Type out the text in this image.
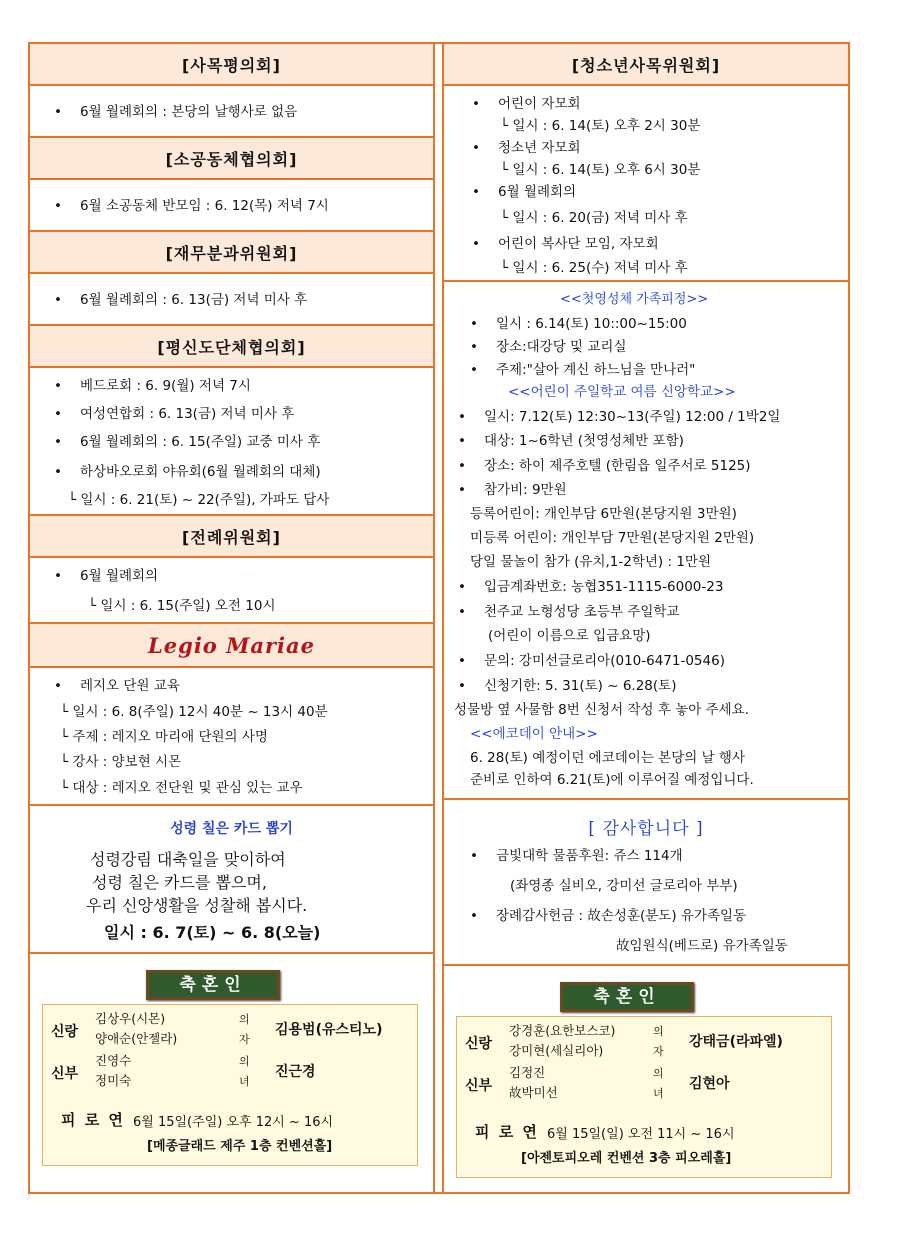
[사목평의회]
• 6월 월례회의 : 본당의 날행사로 없음
[소공동체협의회]
• 6월 소공동체 반모임 : 6. 12(목) 저녁 7시
[재무분과위원회]
• 6월 월례회의 : 6. 13(금) 저녁 미사 후
[평신도단체협의회]
• 베드로회 : 6. 9(월) 저녁 7시
• 여성연합회 : 6. 13(금) 저녁 미사 후
• 6월 월례회의 : 6. 15(주일) 교중 미사 후
• 하상바오로회 야유회(6월 월례회의 대체)
└ 일시 : 6. 21(토) ~ 22(주일), 가파도 답사
[전례위원회]
• 6월 월례회의
└ 일시 : 6. 15(주일) 오전 10시
Legio Mariae
• 레지오 단원 교육
└ 일시 : 6. 8(주일) 12시 40분 ~ 13시 40분
└ 주제 : 레지오 마리애 단원의 사명
└ 강사 : 양보현 시몬
└ 대상 : 레지오 전단원 및 관심 있는 교우
성령 칠은 카드 뽑기
성령강림 대축일을 맞이하여
성령 칠은 카드를 뽑으며,
우리 신앙생활을 성찰해 봅시다.
일시 : 6. 7(토) ~ 6. 8(오늘)
축혼인
신랑
김상우(시몬)
양애순(안젤라)
의
자
김용범(유스티노)
신부
진영수
정미숙
의
녀
진근경
피 로 연 6월 15일(주일) 오후 12시 ~ 16시
[메종글래드 제주 1층 컨벤션홀]
[청소년사목위원회]
• 어린이 자모회
└ 일시 : 6. 14(토) 오후 2시 30분
• 청소년 자모회
└ 일시 : 6. 14(토) 오후 6시 30분
• 6월 월례회의
└ 일시 : 6. 20(금) 저녁 미사 후
• 어린이 복사단 모임, 자모회
└ 일시 : 6. 25(수) 저녁 미사 후
<<첫영성체 가족피정>>
• 일시 : 6.14(토) 10::00~15:00
• 장소:대강당 및 교리실
• 주제:"살아 계신 하느님을 만나러"
<<어린이 주일학교 여름 신앙학교>>
• 일시: 7.12(토) 12:30~13(주일) 12:00 / 1박2일
• 대상: 1~6학년 (첫영성체반 포함)
• 장소: 하이 제주호텔 (한림읍 일주서로 5125)
• 참가비: 9만원
등록어린이: 개인부담 6만원(본당지원 3만원)
미등록 어린이: 개인부담 7만원(본당지원 2만원)
당일 물놀이 참가 (유치,1-2학년) : 1만원
• 입금계좌번호: 농협351-1115-6000-23
• 천주교 노형성당 초등부 주일학교
(어린이 이름으로 입금요망)
• 문의: 강미선글로리아(010-6471-0546)
• 신청기한: 5. 31(토) ~ 6.28(토)
성물방 옆 사물함 8번 신청서 작성 후 놓아 주세요.
<<에코데이 안내>>
6. 28(토) 예정이던 에코데이는 본당의 날 행사
준비로 인하여 6.21(토)에 이루어질 예정입니다.
[ 감사합니다 ]
• 금빛대학 물품후원: 쥬스 114개
(좌영종 실비오, 강미선 글로리아 부부)
• 장례감사헌금 : 故손성훈(분도) 유가족일동
故임원식(베드로) 유가족일동
축혼인
신랑
강경훈(요한보스코)
강미현(세실리아)
의
자
강태금(라파엘)
신부
김정진
故박미선
의
녀
김현아
피 로 연 6월 15일(일) 오전 11시 ~ 16시
[아젠토피오레 컨벤션 3층 피오레홀]
